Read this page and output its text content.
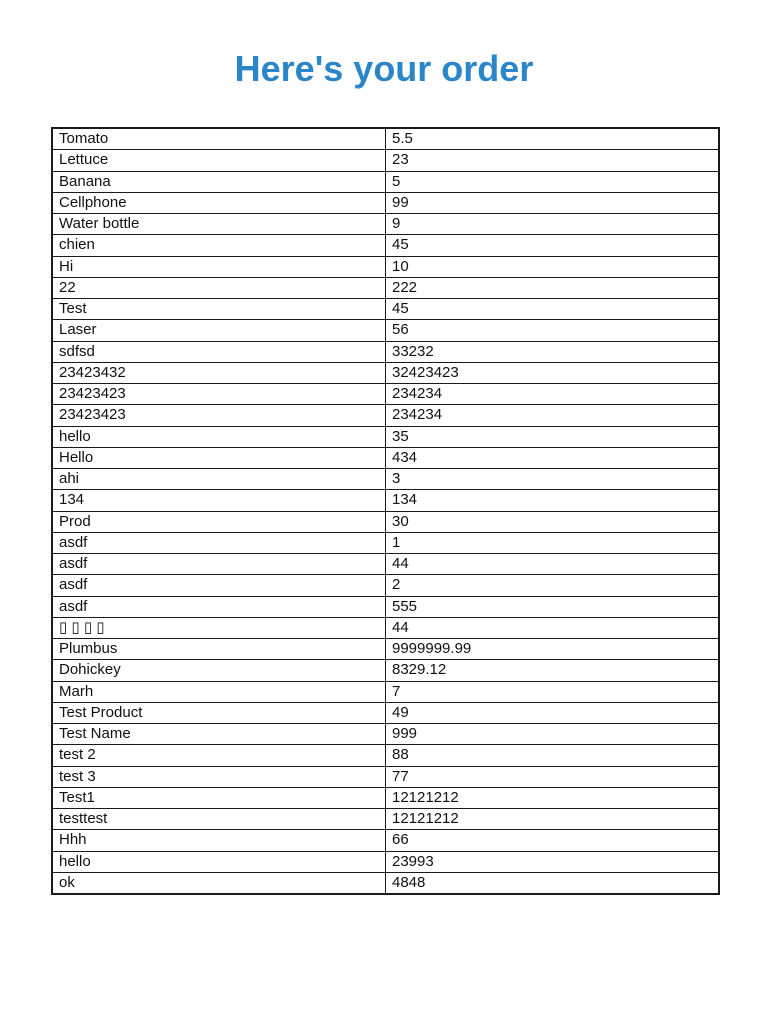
Here's your order
Tomato	5.5
Lettuce	23
Banana	5
Cellphone	99
Water bottle	9
chien	45
Hi	10
22	222
Test	45
Laser	56
sdfsd	33232
23423432	32423423
23423423	234234
23423423	234234
hello	35
Hello	434
ahi	3
134	134
Prod	30
asdf	1
asdf	44
asdf	2
asdf	555
▯ ▯ ▯ ▯	44
Plumbus	9999999.99
Dohickey	8329.12
Marh	7
Test Product	49
Test Name	999
test 2	88
test 3	77
Test1	12121212
testtest	12121212
Hhh	66
hello	23993
ok	4848
